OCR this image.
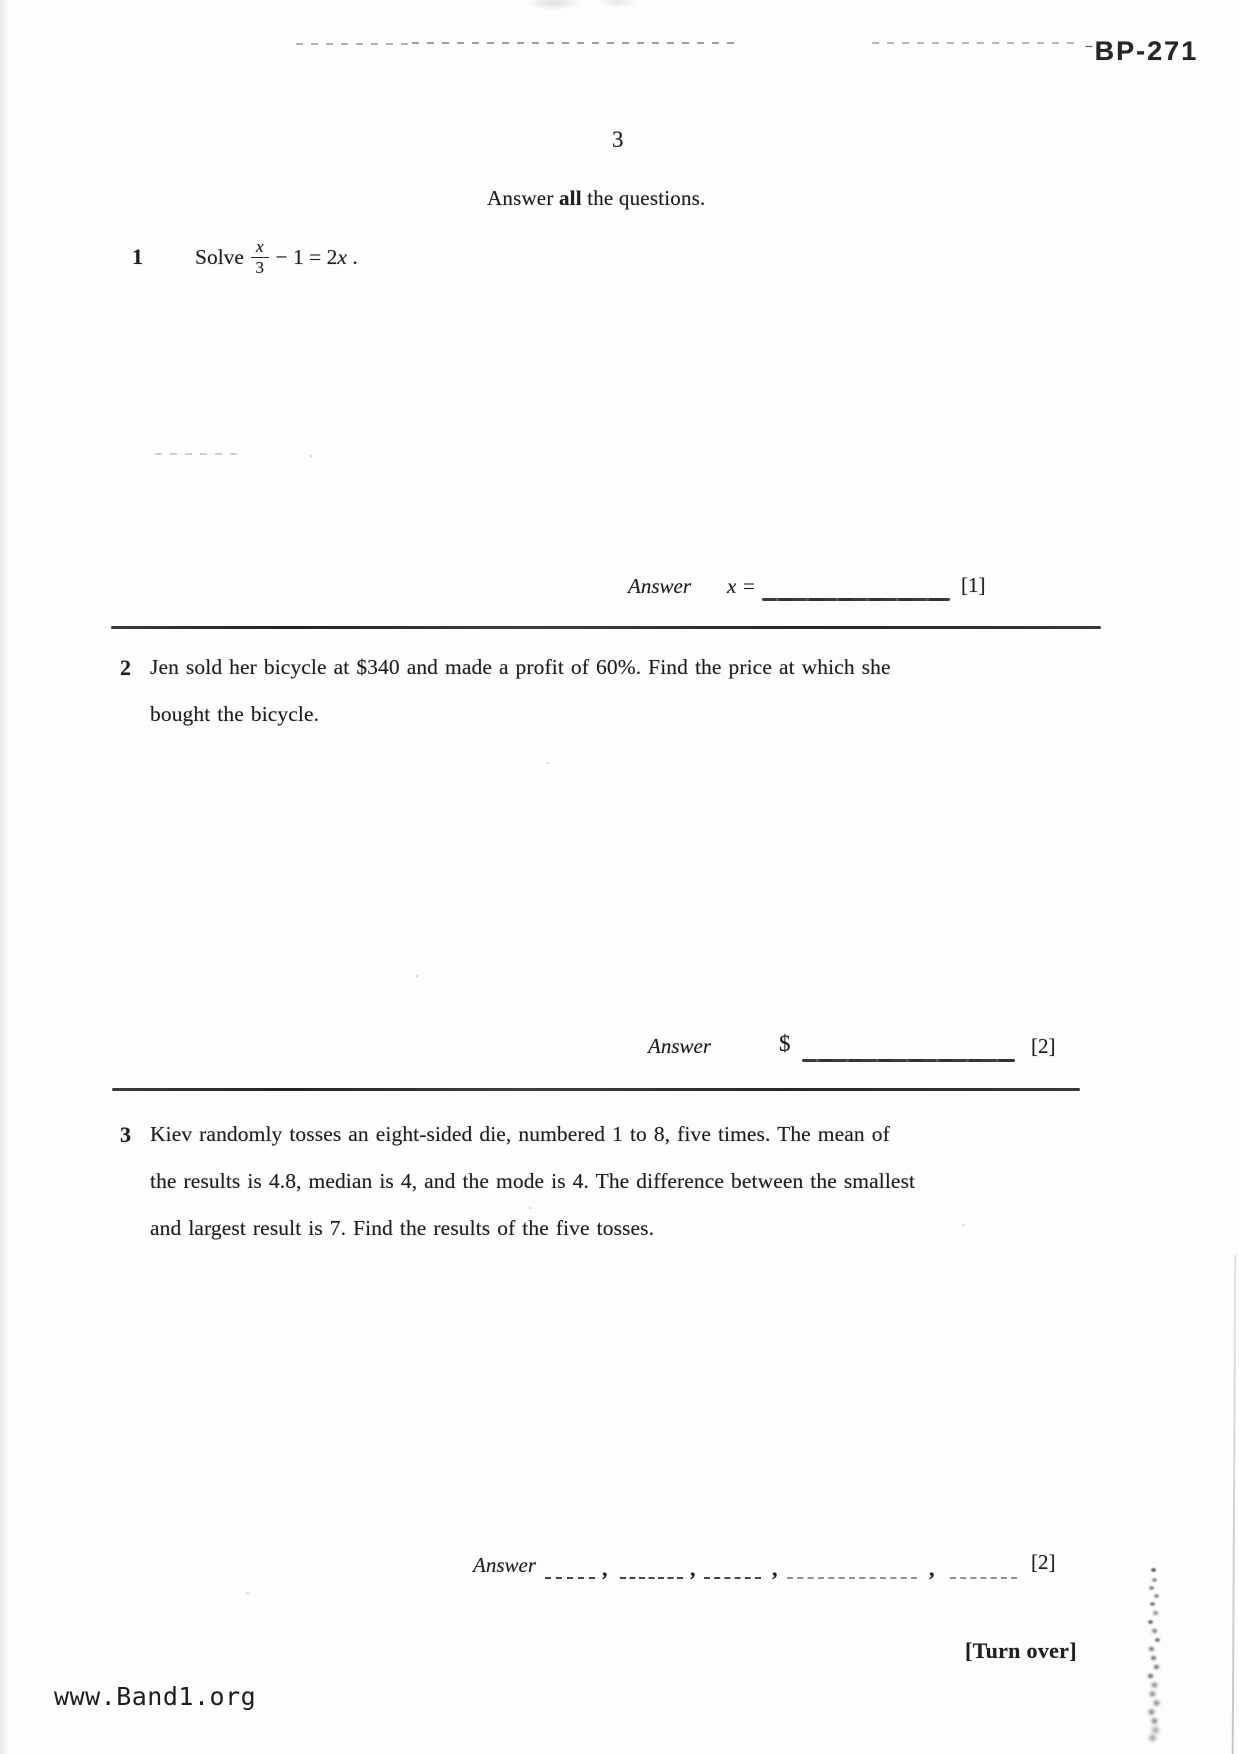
-- BP-271
3
Answer all the questions.
1 Solve $\frac{x}{3} - 1 = 2x$ .
Answer x =	[1]
2 Jen sold her bicycle at $340 and made a profit of 60%. Find the price at which she
bought the bicycle.
Answer	$	[2]
3 Kiev randomly tosses an eight-sided die, numbered 1 to 8, five times. The mean of
the results is 4.8, median is 4, and the mode is 4. The difference between the smallest
and largest result is 7. Find the results of the five tosses.
Answer	,	,	,	,	[2]
[Turn over]
www.Band1.org
